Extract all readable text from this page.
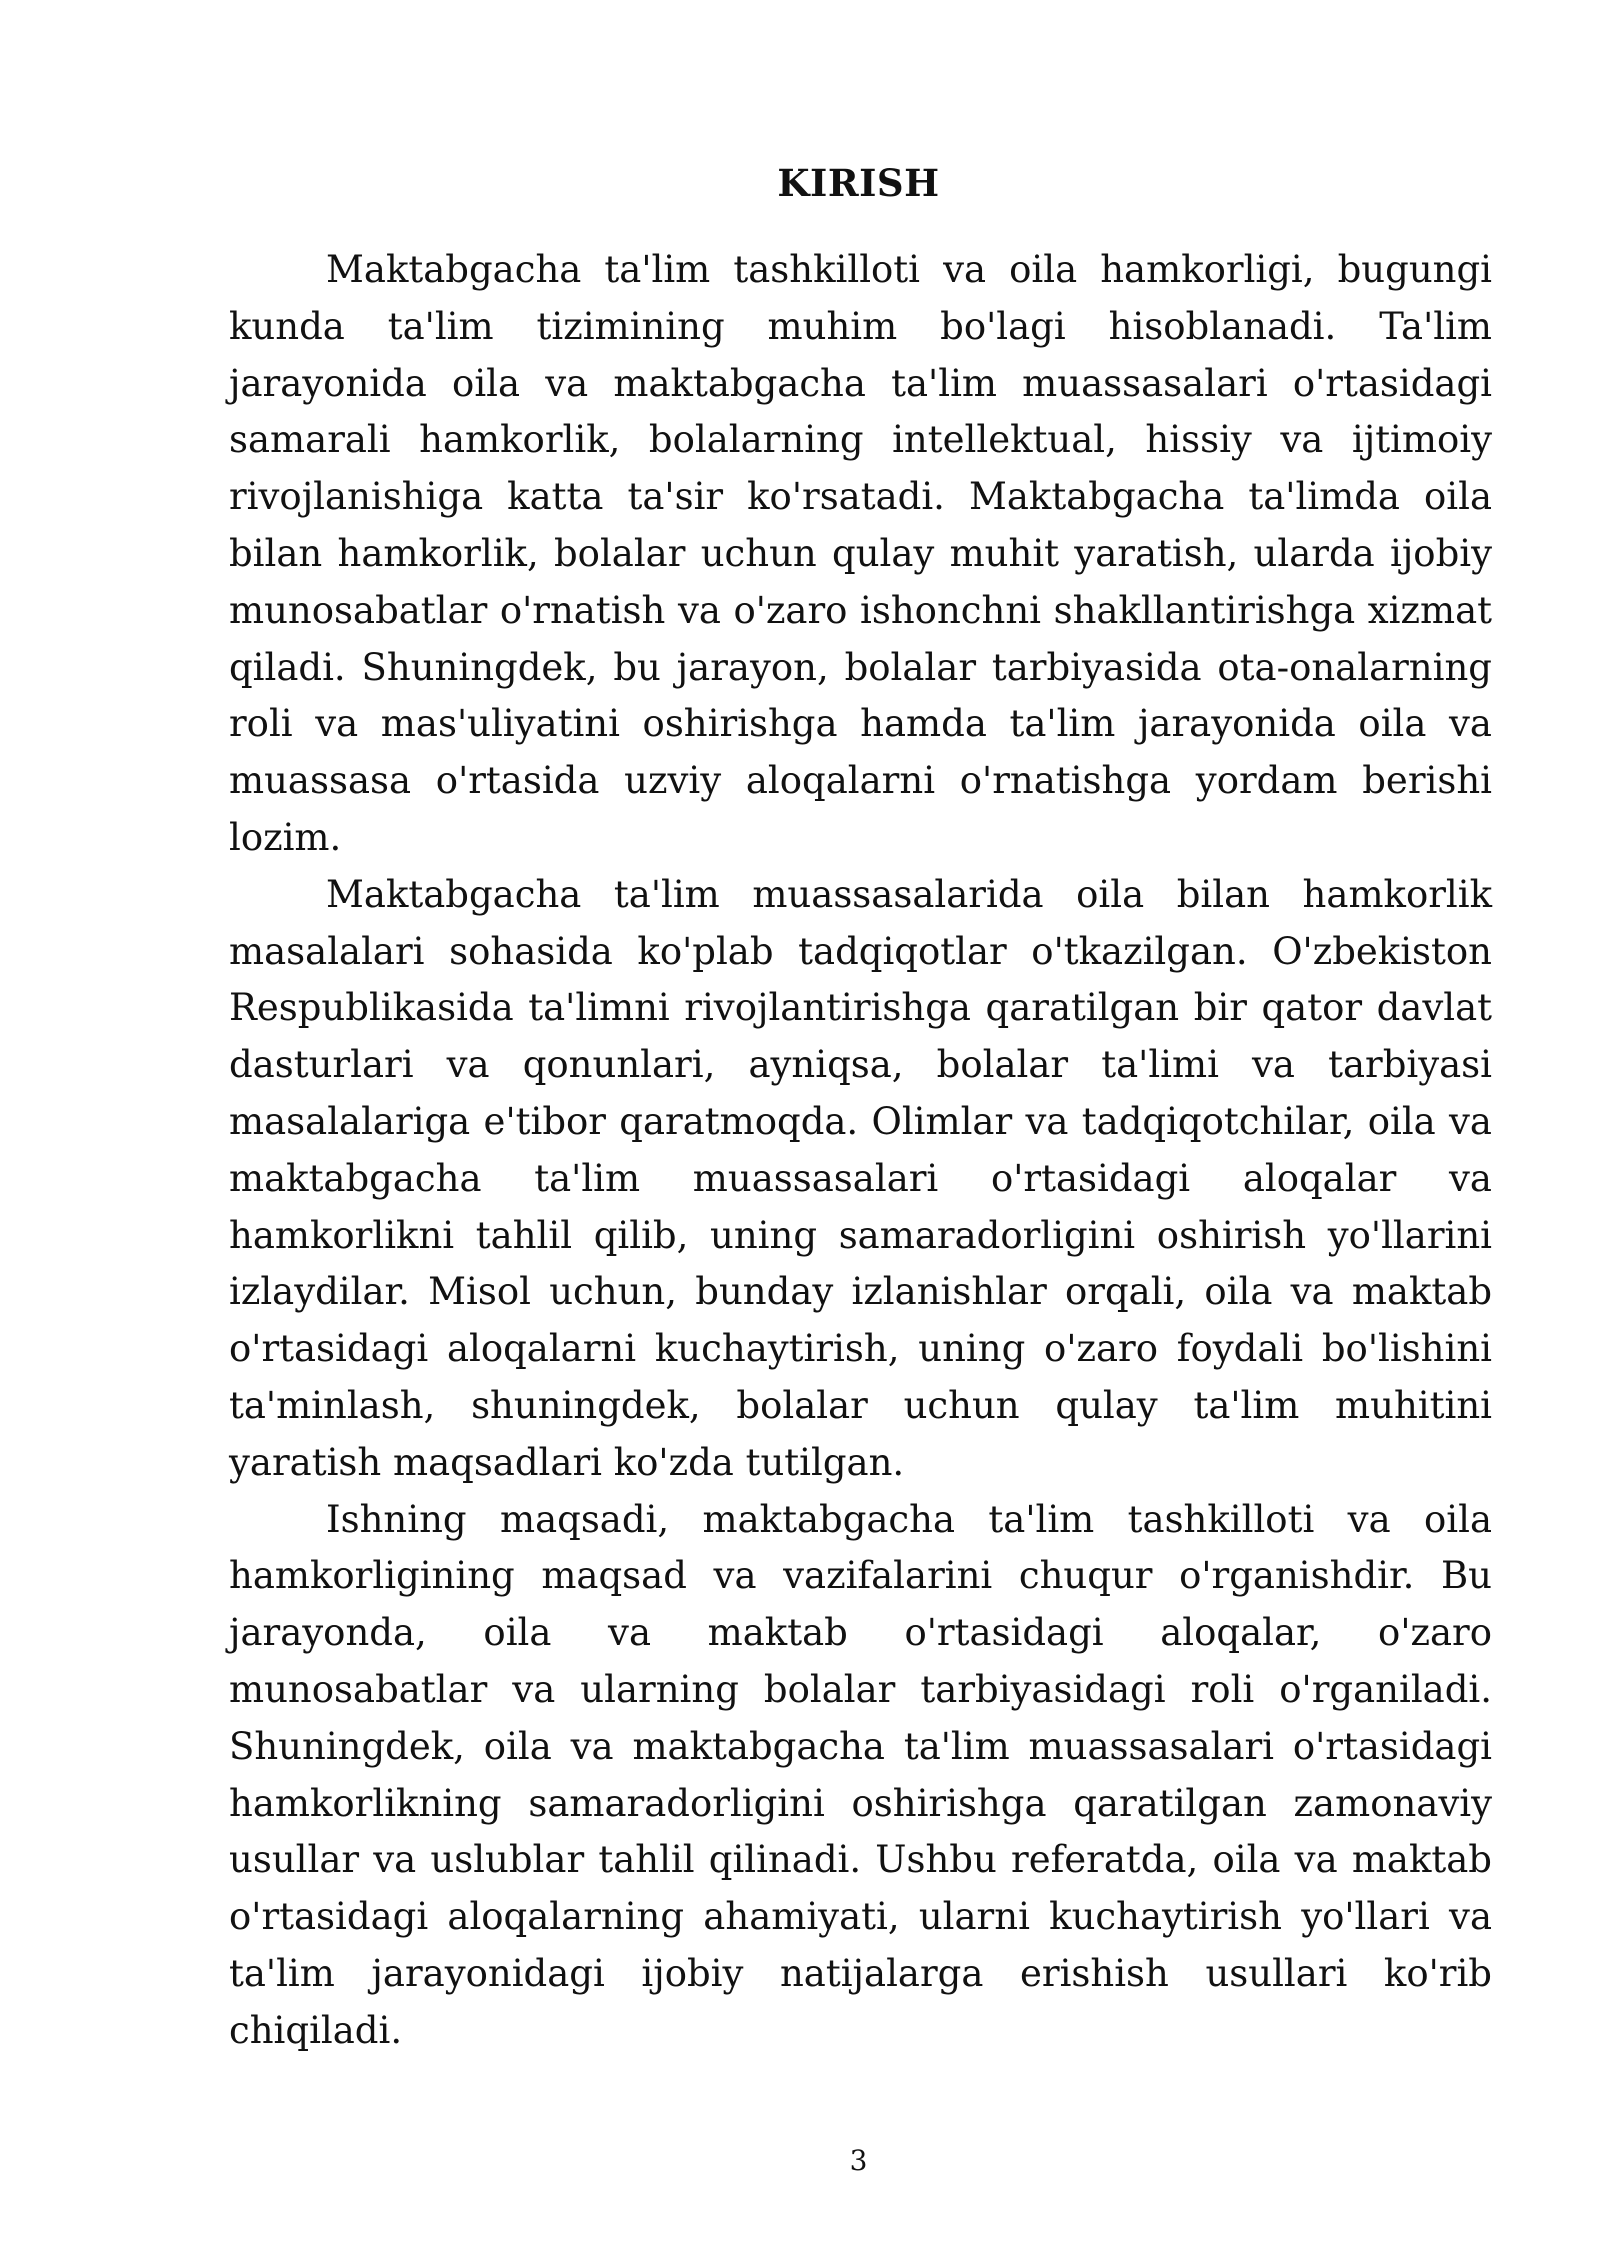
KIRISH

Maktabgacha ta'lim tashkilloti va oila hamkorligi, bugungi kunda ta'lim tizimining muhim bo'lagi hisoblanadi. Ta'lim jarayonida oila va maktabgacha ta'lim muassasalari o'rtasidagi samarali hamkorlik, bolalarning intellektual, hissiy va ijtimoiy rivojlanishiga katta ta'sir ko'rsatadi. Maktabgacha ta'limda oila bilan hamkorlik, bolalar uchun qulay muhit yaratish, ularda ijobiy munosabatlar o'rnatish va o'zaro ishonchni shakllantirishga xizmat qiladi. Shuningdek, bu jarayon, bolalar tarbiyasida ota-onalarning roli va mas'uliyatini oshirishga hamda ta'lim jarayonida oila va muassasa o'rtasida uzviy aloqalarni o'rnatishga yordam berishi lozim.

Maktabgacha ta'lim muassasalarida oila bilan hamkorlik masalalari sohasida ko'plab tadqiqotlar o'tkazilgan. O'zbekiston Respublikasida ta'limni rivojlantirishga qaratilgan bir qator davlat dasturlari va qonunlari, ayniqsa, bolalar ta'limi va tarbiyasi masalalariga e'tibor qaratmoqda. Olimlar va tadqiqotchilar, oila va maktabgacha ta'lim muassasalari o'rtasidagi aloqalar va hamkorlikni tahlil qilib, uning samaradorligini oshirish yo'llarini izlaydilar. Misol uchun, bunday izlanishlar orqali, oila va maktab o'rtasidagi aloqalarni kuchaytirish, uning o'zaro foydali bo'lishini ta'minlash, shuningdek, bolalar uchun qulay ta'lim muhitini yaratish maqsadlari ko'zda tutilgan.

Ishning maqsadi, maktabgacha ta'lim tashkilloti va oila hamkorligining maqsad va vazifalarini chuqur o'rganishdir. Bu jarayonda, oila va maktab o'rtasidagi aloqalar, o'zaro munosabatlar va ularning bolalar tarbiyasidagi roli o'rganiladi. Shuningdek, oila va maktabgacha ta'lim muassasalari o'rtasidagi hamkorlikning samaradorligini oshirishga qaratilgan zamonaviy usullar va uslublar tahlil qilinadi. Ushbu referatda, oila va maktab o'rtasidagi aloqalarning ahamiyati, ularni kuchaytirish yo'llari va ta'lim jarayonidagi ijobiy natijalarga erishish usullari ko'rib chiqiladi.

3
